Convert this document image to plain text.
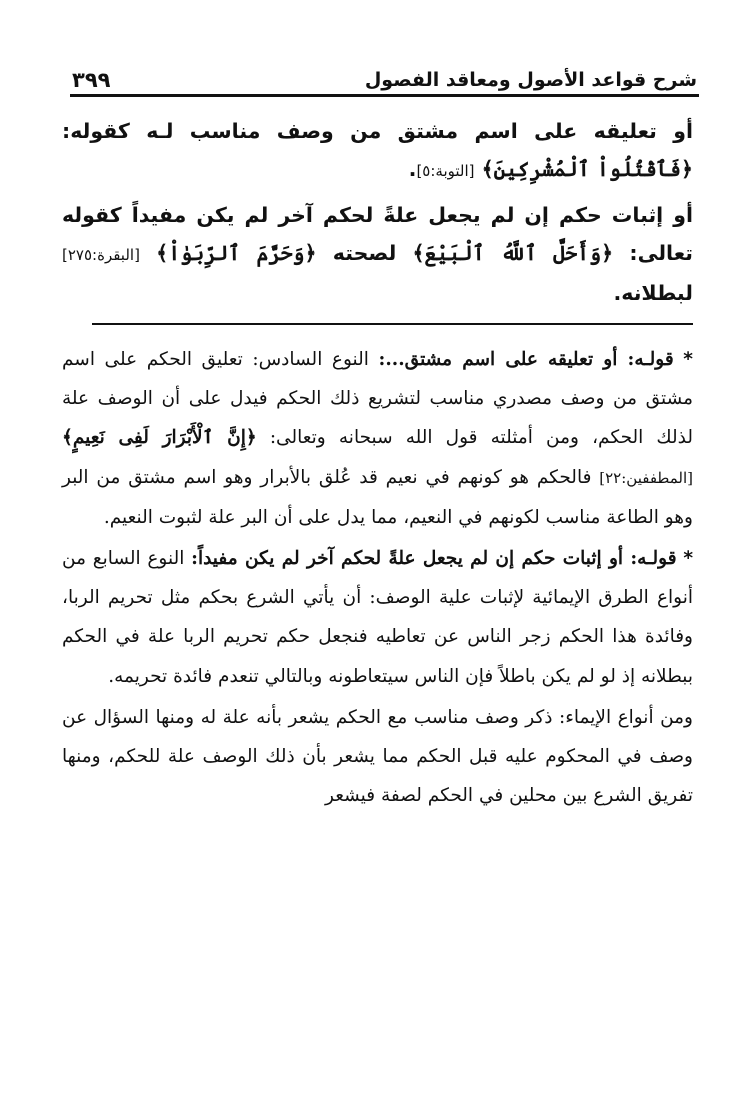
شرح قواعد الأصول ومعاقد الفصول
٣٩٩

أو تعليقه على اسم مشتق من وصف مناسب لـه كقوله: ﴿فَٱقْتُلُواْ ٱلْمُشْرِكِينَ﴾ [التوبة:٥].

أو إثبات حكم إن لم يجعل علةً لحكم آخر لم يكن مفيداً كقوله تعالى: ﴿وَأَحَلَّ ٱللَّهُ ٱلْبَيْعَ﴾ لصحته ﴿وَحَرَّمَ ٱلرِّبَوٰاْ﴾ [البقرة:٢٧٥] لبطلانه.

* قولـه: أو تعليقه على اسم مشتق...: النوع السادس: تعليق الحكم على اسم مشتق من وصف مصدري مناسب لتشريع ذلك الحكم فيدل على أن الوصف علة لذلك الحكم، ومن أمثلته قول الله سبحانه وتعالى: ﴿إِنَّ ٱلْأَبْرَارَ لَفِى نَعِيمٍ﴾ [المطففين:٢٢] فالحكم هو كونهم في نعيم قد عُلق بالأبرار وهو اسم مشتق من البر وهو الطاعة مناسب لكونهم في النعيم، مما يدل على أن البر علة لثبوت النعيم.

* قولـه: أو إثبات حكم إن لم يجعل علةً لحكم آخر لم يكن مفيداً: النوع السابع من أنواع الطرق الإيمائية لإثبات علية الوصف: أن يأتي الشرع بحكم مثل تحريم الربا، وفائدة هذا الحكم زجر الناس عن تعاطيه فنجعل حكم تحريم الربا علة في الحكم ببطلانه إذ لو لم يكن باطلاً فإن الناس سيتعاطونه وبالتالي تنعدم فائدة تحريمه.

ومن أنواع الإيماء: ذكر وصف مناسب مع الحكم يشعر بأنه علة له ومنها السؤال عن وصف في المحكوم عليه قبل الحكم مما يشعر بأن ذلك الوصف علة للحكم، ومنها تفريق الشرع بين محلين في الحكم لصفة فيشعر
